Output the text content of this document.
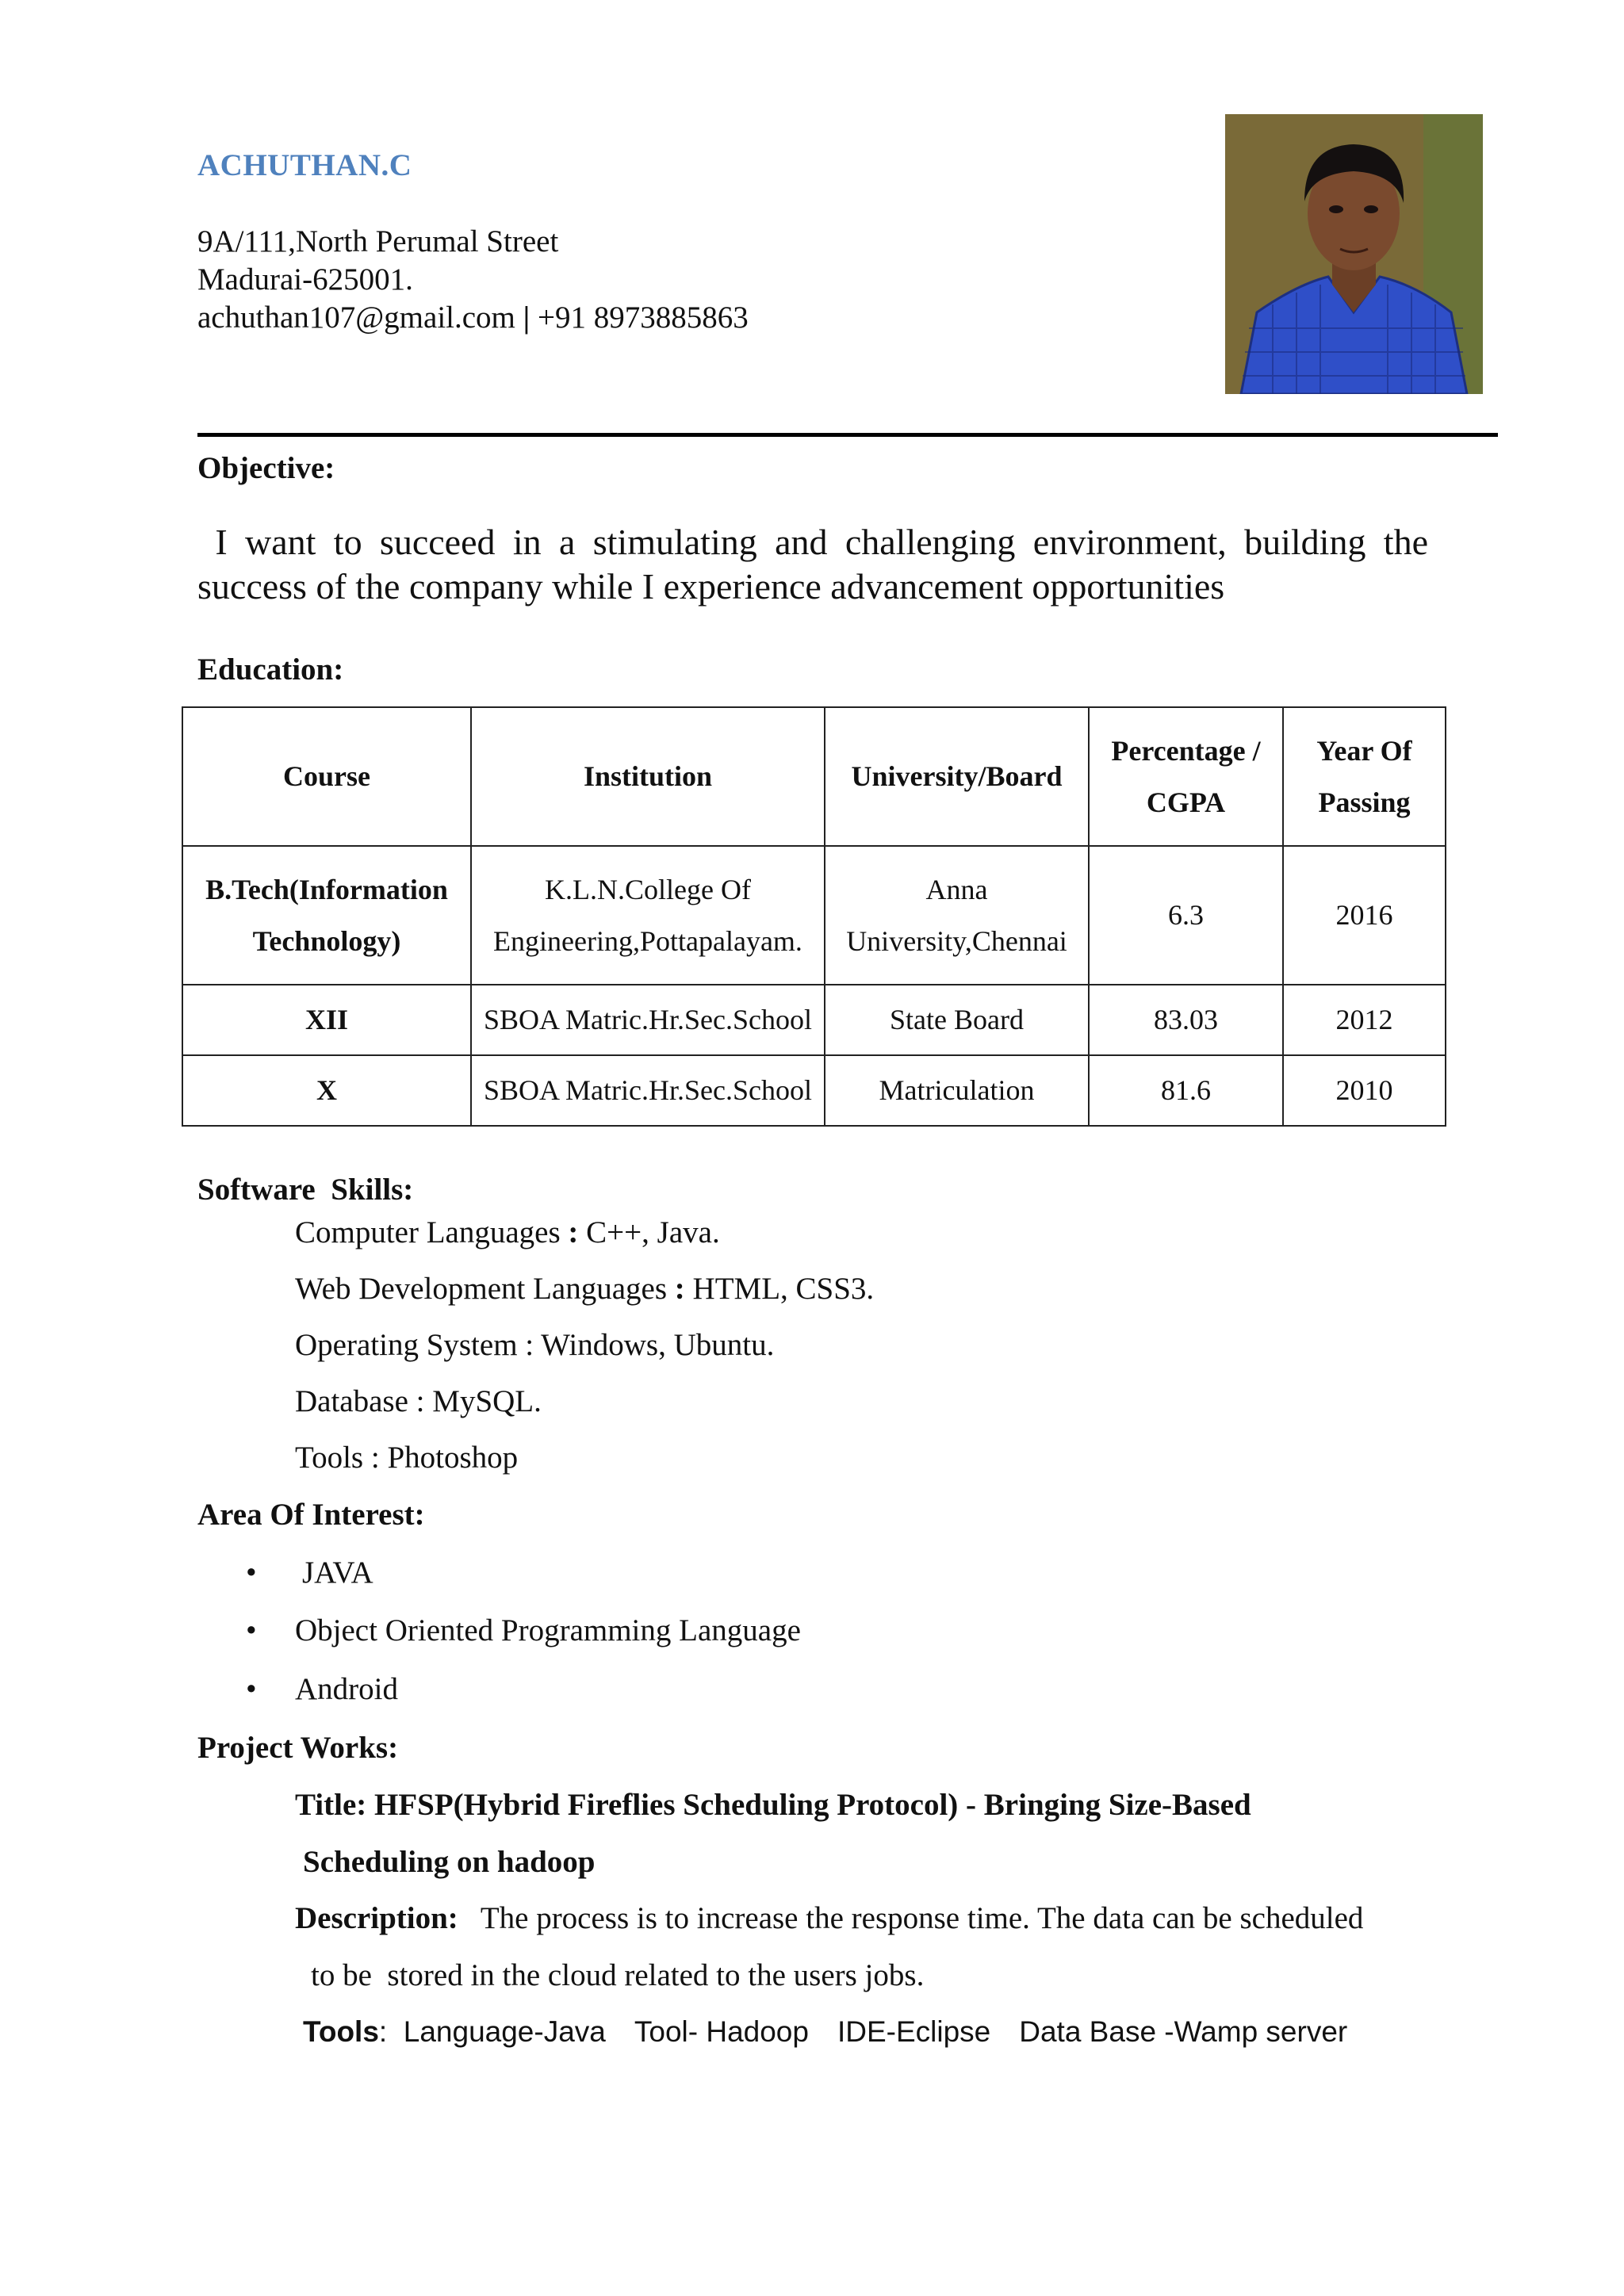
ACHUTHAN.C
9A/111,North Perumal Street
Madurai-625001.
achuthan107@gmail.com | +91 8973885863
Objective:
I want to succeed in a stimulating and challenging environment, building the success of the company while I experience advancement opportunities
Education:
Course	Institution	University/Board	Percentage / CGPA	Year Of Passing
B.Tech(Information Technology)	K.L.N.College Of Engineering,Pottapalayam.	Anna University,Chennai	6.3	2016
XII	SBOA Matric.Hr.Sec.School	State Board	83.03	2012
X	SBOA Matric.Hr.Sec.School	Matriculation	81.6	2010
Software  Skills:
Computer Languages : C++, Java.
Web Development Languages : HTML, CSS3.
Operating System : Windows, Ubuntu.
Database : MySQL.
Tools : Photoshop
Area Of Interest:
• JAVA
• Object Oriented Programming Language
• Android
Project Works:
Title: HFSP(Hybrid Fireflies Scheduling Protocol) - Bringing Size-Based
Scheduling on hadoop
Description: The process is to increase the response time. The data can be scheduled
to be  stored in the cloud related to the users jobs.
Tools:  Language-Java Tool- Hadoop IDE-Eclipse Data Base -Wamp server
